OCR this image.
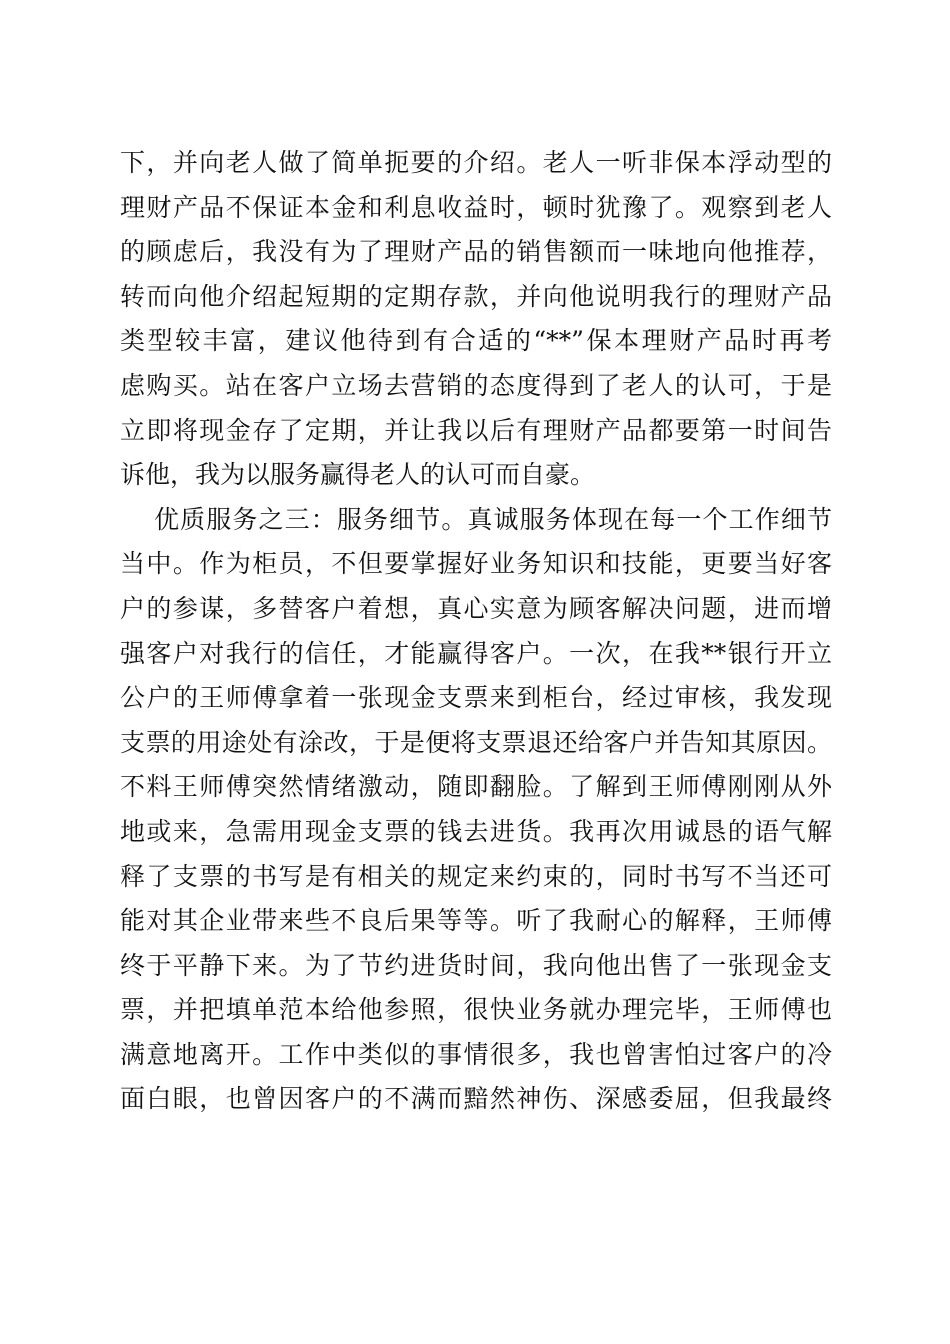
下，并向老人做了简单扼要的介绍。老人一听非保本浮动型的
理财产品不保证本金和利息收益时，顿时犹豫了。观察到老人
的顾虑后，我没有为了理财产品的销售额而一味地向他推荐，
转而向他介绍起短期的定期存款，并向他说明我行的理财产品
类型较丰富，建议他待到有合适的“**”保本理财产品时再考
虑购买。站在客户立场去营销的态度得到了老人的认可，于是
立即将现金存了定期，并让我以后有理财产品都要第一时间告
诉他，我为以服务赢得老人的认可而自豪。
优质服务之三：服务细节。真诚服务体现在每一个工作细节
当中。作为柜员，不但要掌握好业务知识和技能，更要当好客
户的参谋，多替客户着想，真心实意为顾客解决问题，进而增
强客户对我行的信任，才能赢得客户。一次，在我**银行开立
公户的王师傅拿着一张现金支票来到柜台，经过审核，我发现
支票的用途处有涂改，于是便将支票退还给客户并告知其原因。
不料王师傅突然情绪激动，随即翻脸。了解到王师傅刚刚从外
地或来，急需用现金支票的钱去进货。我再次用诚恳的语气解
释了支票的书写是有相关的规定来约束的，同时书写不当还可
能对其企业带来些不良后果等等。听了我耐心的解释，王师傅
终于平静下来。为了节约进货时间，我向他出售了一张现金支
票，并把填单范本给他参照，很快业务就办理完毕，王师傅也
满意地离开。工作中类似的事情很多，我也曾害怕过客户的冷
面白眼，也曾因客户的不满而黯然神伤、深感委屈，但我最终
